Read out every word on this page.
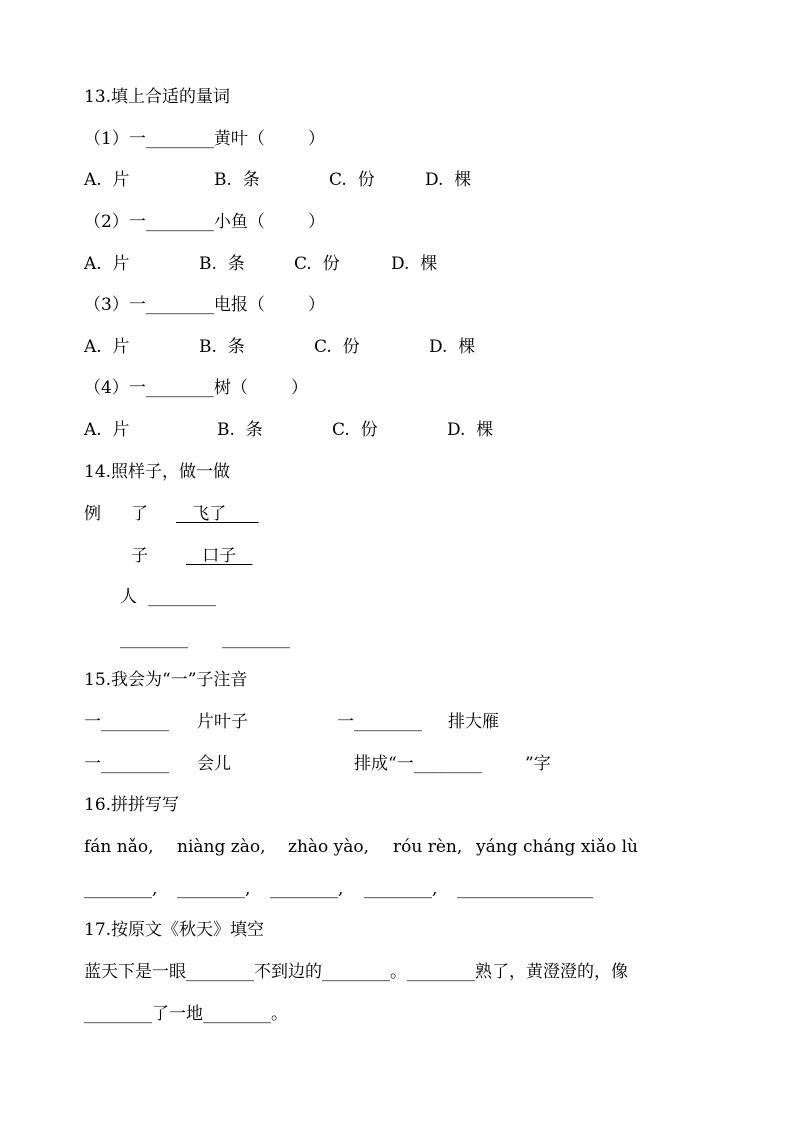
13.填上合适的量词
（1）一________黄叶（        ）
A.  片	B.  条	C.  份	D.  棵
（2）一________小鱼（        ）
A.  片	B.  条	C.  份	D.  棵
（3）一________电报（        ）
A.  片	B.  条	C.  份	D.  棵
（4）一________树（        ）
A.  片	B.  条	C.  份	D.  棵
14.照样子，做一做
例 了 飞了
子 口子
人 ________
________ ________
15.我会为“一”子注音
一________ 片叶子	一________ 排大雁
一________ 会儿	排成“一________	”字
16.拼拼写写
fán nǎo, niàng zào, zhào yào, róu rèn, yáng cháng xiǎo lù
________, ________, ________, ________, ________________
17.按原文《秋天》填空
蓝天下是一眼________不到边的________。________熟了，黄澄澄的，像
________了一地________。
